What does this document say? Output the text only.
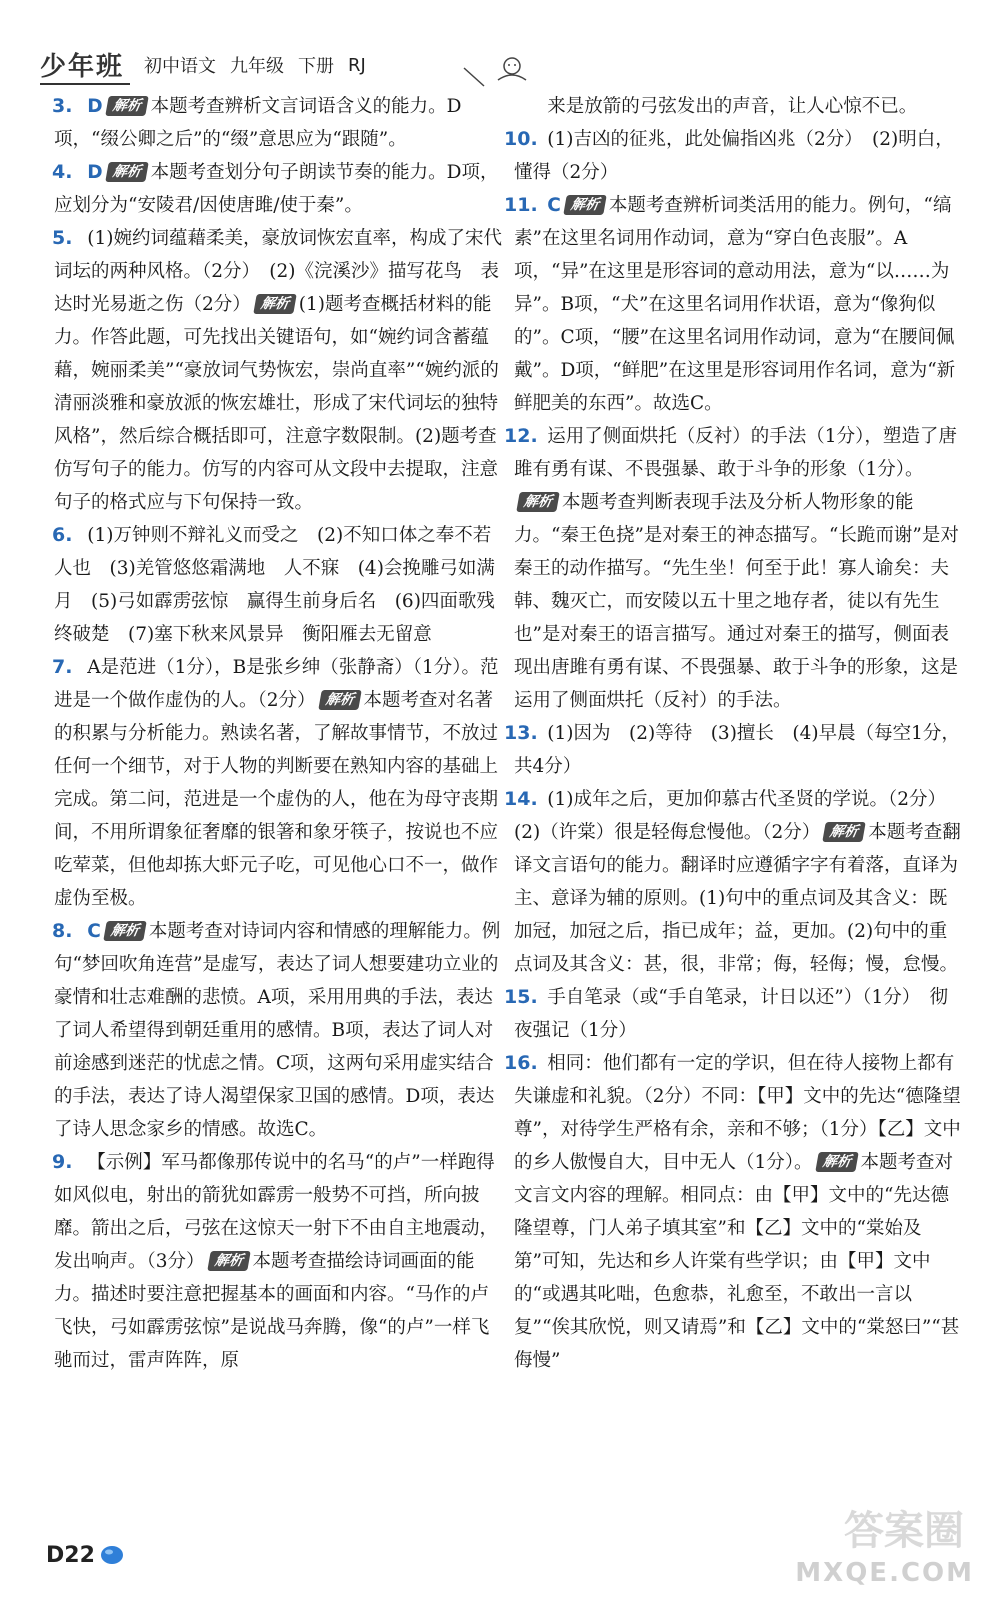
少年班	初中语文 九年级 下册 RJ
3. D 解析 本题考查辨析文言词语含义的能力。D项，“缀公卿之后”的“缀”意思应为“跟随”。
4. D 解析 本题考查划分句子朗读节奏的能力。D项，应划分为“安陵君/因使唐雎/使于秦”。
5. (1)婉约词蕴藉柔美，豪放词恢宏直率，构成了宋代词坛的两种风格。（2分）　(2)《浣溪沙》描写花鸟　表达时光易逝之伤（2分） 解析 (1)题考查概括材料的能力。作答此题，可先找出关键语句，如“婉约词含蓄蕴藉，婉丽柔美”“豪放词气势恢宏，崇尚直率”“婉约派的清丽淡雅和豪放派的恢宏雄壮，形成了宋代词坛的独特风格”，然后综合概括即可，注意字数限制。(2)题考查仿写句子的能力。仿写的内容可从文段中去提取，注意句子的格式应与下句保持一致。
6. (1)万钟则不辩礼义而受之　(2)不知口体之奉不若人也　(3)羌管悠悠霜满地　人不寐　(4)会挽雕弓如满月　(5)弓如霹雳弦惊　赢得生前身后名　(6)四面歌残终破楚　(7)塞下秋来风景异　衡阳雁去无留意
7. A是范进（1分），B是张乡绅（张静斋）（1分）。范进是一个做作虚伪的人。（2分） 解析 本题考查对名著的积累与分析能力。熟读名著，了解故事情节，不放过任何一个细节，对于人物的判断要在熟知内容的基础上完成。第二问，范进是一个虚伪的人，他在为母守丧期间，不用所谓象征奢靡的银箸和象牙筷子，按说也不应吃荤菜，但他却拣大虾元子吃，可见他心口不一，做作虚伪至极。
8. C 解析 本题考查对诗词内容和情感的理解能力。例句“梦回吹角连营”是虚写，表达了词人想要建功立业的豪情和壮志难酬的悲愤。A项，采用用典的手法，表达了词人希望得到朝廷重用的感情。B项，表达了词人对前途感到迷茫的忧虑之情。C项，这两句采用虚实结合的手法，表达了诗人渴望保家卫国的感情。D项，表达了诗人思念家乡的情感。故选C。
9. 【示例】军马都像那传说中的名马“的卢”一样跑得如风似电，射出的箭犹如霹雳一般势不可挡，所向披靡。箭出之后，弓弦在这惊天一射下不由自主地震动，发出响声。（3分） 解析 本题考查描绘诗词画面的能力。描述时要注意把握基本的画面和内容。“马作的卢飞快，弓如霹雳弦惊”是说战马奔腾，像“的卢”一样飞驰而过，雷声阵阵，原
来是放箭的弓弦发出的声音，让人心惊不已。
10. (1)吉凶的征兆，此处偏指凶兆（2分）　(2)明白，懂得（2分）
11. C 解析 本题考查辨析词类活用的能力。例句，“缟素”在这里名词用作动词，意为“穿白色丧服”。A项，“异”在这里是形容词的意动用法，意为“以……为异”。B项，“犬”在这里名词用作状语，意为“像狗似的”。C项，“腰”在这里名词用作动词，意为“在腰间佩戴”。D项，“鲜肥”在这里是形容词用作名词，意为“新鲜肥美的东西”。故选C。
12. 运用了侧面烘托（反衬）的手法（1分），塑造了唐雎有勇有谋、不畏强暴、敢于斗争的形象（1分）。解析 本题考查判断表现手法及分析人物形象的能力。“秦王色挠”是对秦王的神态描写。“长跪而谢”是对秦王的动作描写。“先生坐！何至于此！寡人谕矣：夫韩、魏灭亡，而安陵以五十里之地存者，徒以有先生也”是对秦王的语言描写。通过对秦王的描写，侧面表现出唐雎有勇有谋、不畏强暴、敢于斗争的形象，这是运用了侧面烘托（反衬）的手法。
13. (1)因为　(2)等待　(3)擅长　(4)早晨（每空1分，共4分）
14. (1)成年之后，更加仰慕古代圣贤的学说。（2分）　(2)（许棠）很是轻侮怠慢他。（2分） 解析 本题考查翻译文言语句的能力。翻译时应遵循字字有着落，直译为主、意译为辅的原则。(1)句中的重点词及其含义：既加冠，加冠之后，指已成年；益，更加。(2)句中的重点词及其含义：甚，很，非常；侮，轻侮；慢，怠慢。
15. 手自笔录（或“手自笔录，计日以还”）（1分）　彻夜强记（1分）
16. 相同：他们都有一定的学识，但在待人接物上都有失谦虚和礼貌。（2分）不同：【甲】文中的先达“德隆望尊”，对待学生严格有余，亲和不够；（1分）【乙】文中的乡人傲慢自大，目中无人（1分）。 解析 本题考查对文言文内容的理解。相同点：由【甲】文中的“先达德隆望尊，门人弟子填其室”和【乙】文中的“棠始及第”可知，先达和乡人许棠有些学识；由【甲】文中的“或遇其叱咄，色愈恭，礼愈至，不敢出一言以复”“俟其欣悦，则又请焉”和【乙】文中的“棠怒曰”“甚侮慢”
D22
答案圈
MXQE.COM
